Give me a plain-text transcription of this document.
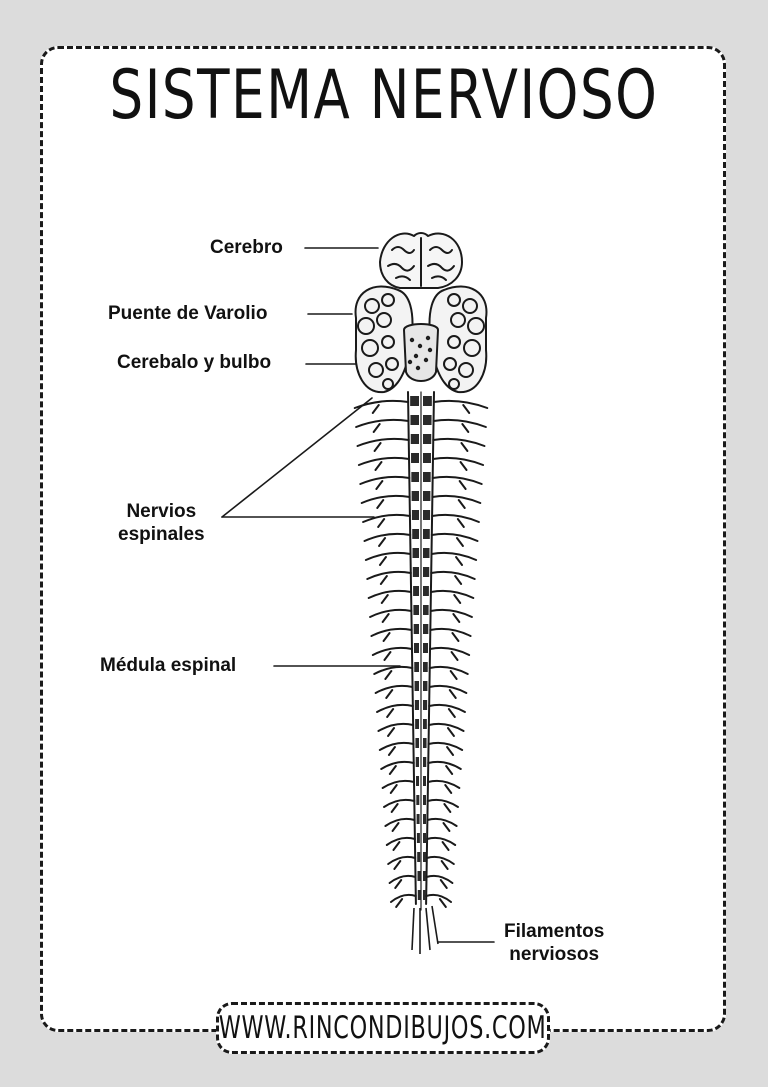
SISTEMA NERVIOSO
Cerebro
Puente de Varolio
Cerebalo y bulbo
Nervios
espinales
Médula espinal
Filamentos
nerviosos
WWW.RINCONDIBUJOS.COM
